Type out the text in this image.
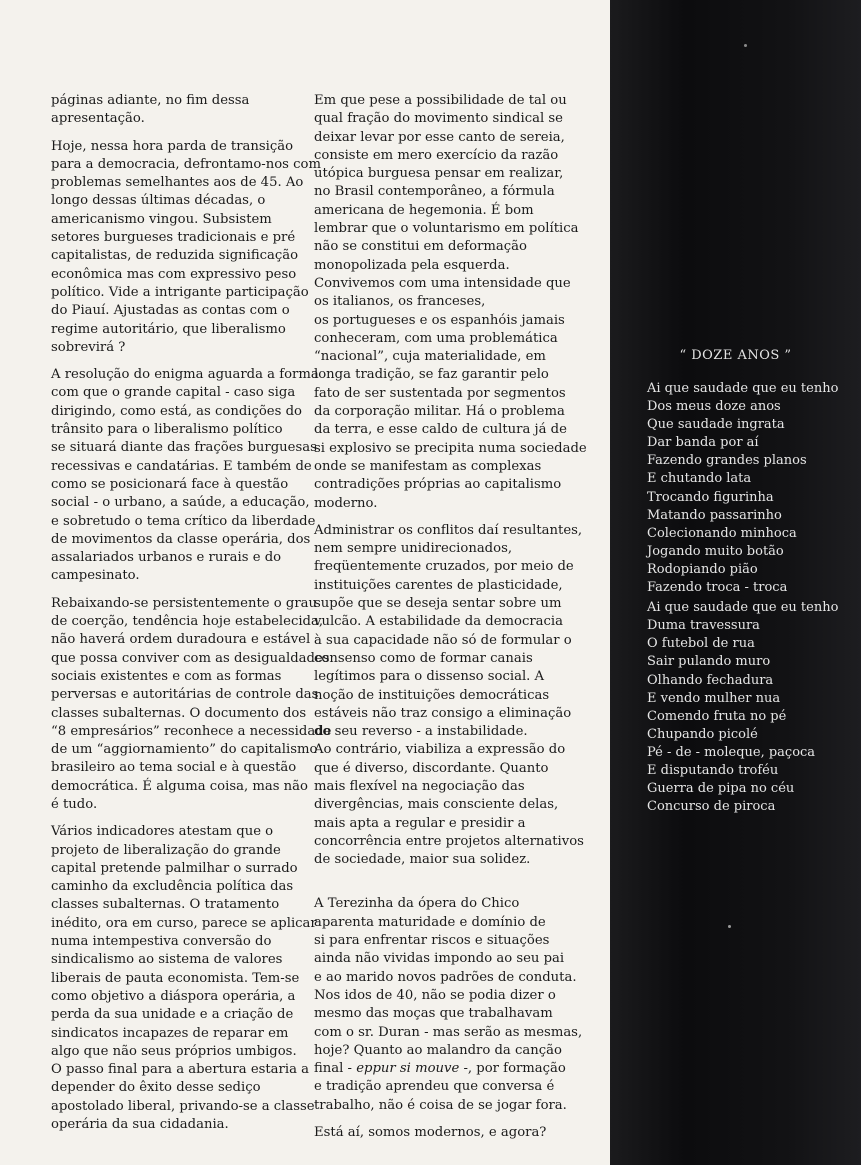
páginas adiante, no fim dessa
apresentação.

Hoje, nessa hora parda de transição
para a democracia, defrontamo-nos com
problemas semelhantes aos de 45. Ao
longo dessas últimas décadas, o
americanismo vingou. Subsistem
setores burgueses tradicionais e pré
capitalistas, de reduzida significação
econômica mas com expressivo peso
político. Vide a intrigante participação
do Piauí. Ajustadas as contas com o
regime autoritário, que liberalismo
sobrevirá ?

A resolução do enigma aguarda a forma
com que o grande capital - caso siga
dirigindo, como está, as condições do
trânsito para o liberalismo político
se situará diante das frações burguesas
recessivas e candatárias. E também de
como se posicionará face à questão
social - o urbano, a saúde, a educação,
e sobretudo o tema crítico da liberdade
de movimentos da classe operária, dos
assalariados urbanos e rurais e do
campesinato.

Rebaixando-se persistentemente o grau
de coerção, tendência hoje estabelecida,
não haverá ordem duradoura e estável
que possa conviver com as desigualdades
sociais existentes e com as formas
perversas e autoritárias de controle das
classes subalternas. O documento dos
“8 empresários” reconhece a necessidade
de um “aggiornamiento” do capitalismo
brasileiro ao tema social e à questão
democrática. É alguma coisa, mas não
é tudo.

Vários indicadores atestam que o
projeto de liberalização do grande
capital pretende palmilhar o surrado
caminho da excludência política das
classes subalternas. O tratamento
inédito, ora em curso, parece se aplicar
numa intempestiva conversão do
sindicalismo ao sistema de valores
liberais de pauta economista. Tem-se
como objetivo a diáspora operária, a
perda da sua unidade e a criação de
sindicatos incapazes de reparar em
algo que não seus próprios umbigos.
O passo final para a abertura estaria a
depender do êxito desse sediço
apostolado liberal, privando-se a classe
operária da sua cidadania.

Em que pese a possibilidade de tal ou
qual fração do movimento sindical se
deixar levar por esse canto de sereia,
consiste em mero exercício da razão
utópica burguesa pensar em realizar,
no Brasil contemporâneo, a fórmula
americana de hegemonia. É bom
lembrar que o voluntarismo em política
não se constitui em deformação
monopolizada pela esquerda.
Convivemos com uma intensidade que
os italianos, os franceses,
os portugueses e os espanhóis jamais
conheceram, com uma problemática
“nacional”, cuja materialidade, em
longa tradição, se faz garantir pelo
fato de ser sustentada por segmentos
da corporação militar. Há o problema
da terra, e esse caldo de cultura já de
si explosivo se precipita numa sociedade
onde se manifestam as complexas
contradições próprias ao capitalismo
moderno.

Administrar os conflitos daí resultantes,
nem sempre unidirecionados,
freqüentemente cruzados, por meio de
instituições carentes de plasticidade,
supõe que se deseja sentar sobre um
vulcão. A estabilidade da democracia
à sua capacidade não só de formular o
consenso como de formar canais
legítimos para o dissenso social. A
noção de instituições democráticas
estáveis não traz consigo a eliminação
do seu reverso - a instabilidade.

Ao contrário, viabiliza a expressão do
que é diverso, discordante. Quanto
mais flexível na negociação das
divergências, mais consciente delas,
mais apta a regular e presidir a
concorrência entre projetos alternativos
de sociedade, maior sua solidez.

A Terezinha da ópera do Chico
aparenta maturidade e domínio de
si para enfrentar riscos e situações
ainda não vividas impondo ao seu pai
e ao marido novos padrões de conduta.
Nos idos de 40, não se podia dizer o
mesmo das moças que trabalhavam
com o sr. Duran - mas serão as mesmas,
hoje? Quanto ao malandro da canção
final - eppur si mouve -, por formação
e tradição aprendeu que conversa é
trabalho, não é coisa de se jogar fora.

Está aí, somos modernos, e agora?

“ DOZE ANOS ”
Ai que saudade que eu tenho
Dos meus doze anos
Que saudade ingrata
Dar banda por aí
Fazendo grandes planos
E chutando lata
Trocando figurinha
Matando passarinho
Colecionando minhoca
Jogando muito botão
Rodopiando pião
Fazendo troca - troca
Ai que saudade que eu tenho
Duma travessura
O futebol de rua
Sair pulando muro
Olhando fechadura
E vendo mulher nua
Comendo fruta no pé
Chupando picolé
Pé - de - moleque, paçoca
E disputando troféu
Guerra de pipa no céu
Concurso de piroca
